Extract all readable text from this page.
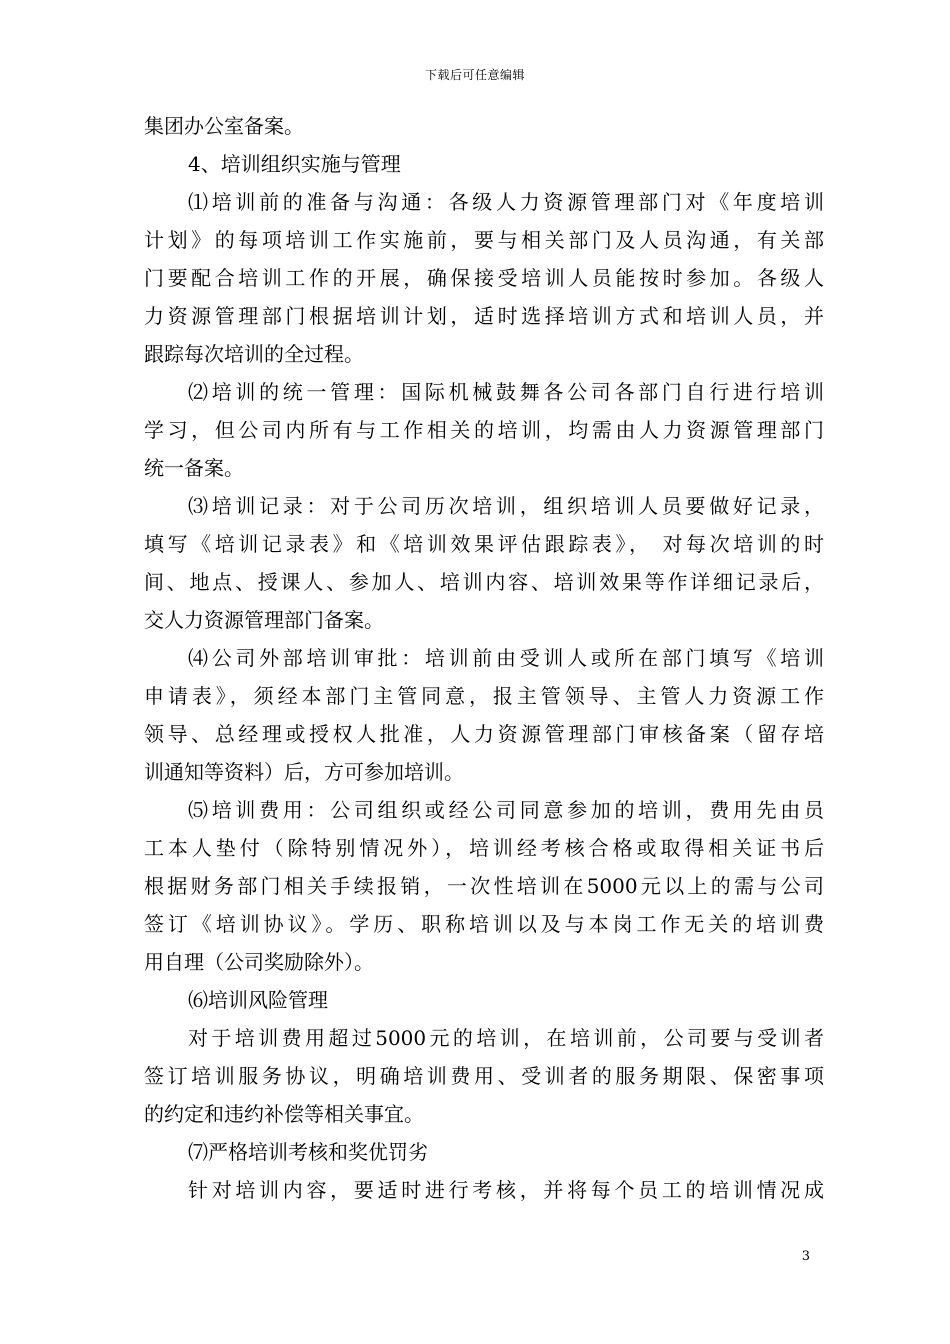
下载后可任意编辑
集团办公室备案。
4、培训组织实施与管理
⑴培训前的准备与沟通：各级人力资源管理部门对《年度培训
计划》的每项培训工作实施前，要与相关部门及人员沟通，有关部
门要配合培训工作的开展，确保接受培训人员能按时参加。各级人
力资源管理部门根据培训计划，适时选择培训方式和培训人员，并
跟踪每次培训的全过程。
⑵培训的统一管理：国际机械鼓舞各公司各部门自行进行培训
学习，但公司内所有与工作相关的培训，均需由人力资源管理部门
统一备案。
⑶培训记录：对于公司历次培训，组织培训人员要做好记录，
填写《培训记录表》和《培训效果评估跟踪表》， 对每次培训的时
间、地点、授课人、参加人、培训内容、培训效果等作详细记录后，
交人力资源管理部门备案。
⑷公司外部培训审批：培训前由受训人或所在部门填写《培训
申请表》，须经本部门主管同意，报主管领导、主管人力资源工作
领导、总经理或授权人批准，人力资源管理部门审核备案（留存培
训通知等资料）后，方可参加培训。
⑸培训费用：公司组织或经公司同意参加的培训，费用先由员
工本人垫付（除特别情况外），培训经考核合格或取得相关证书后
根据财务部门相关手续报销，一次性培训在5000元以上的需与公司
签订《培训协议》。学历、职称培训以及与本岗工作无关的培训费
用自理（公司奖励除外）。
⑹培训风险管理
对于培训费用超过5000元的培训，在培训前，公司要与受训者
签订培训服务协议，明确培训费用、受训者的服务期限、保密事项
的约定和违约补偿等相关事宜。
⑺严格培训考核和奖优罚劣
针对培训内容，要适时进行考核，并将每个员工的培训情况成
3
